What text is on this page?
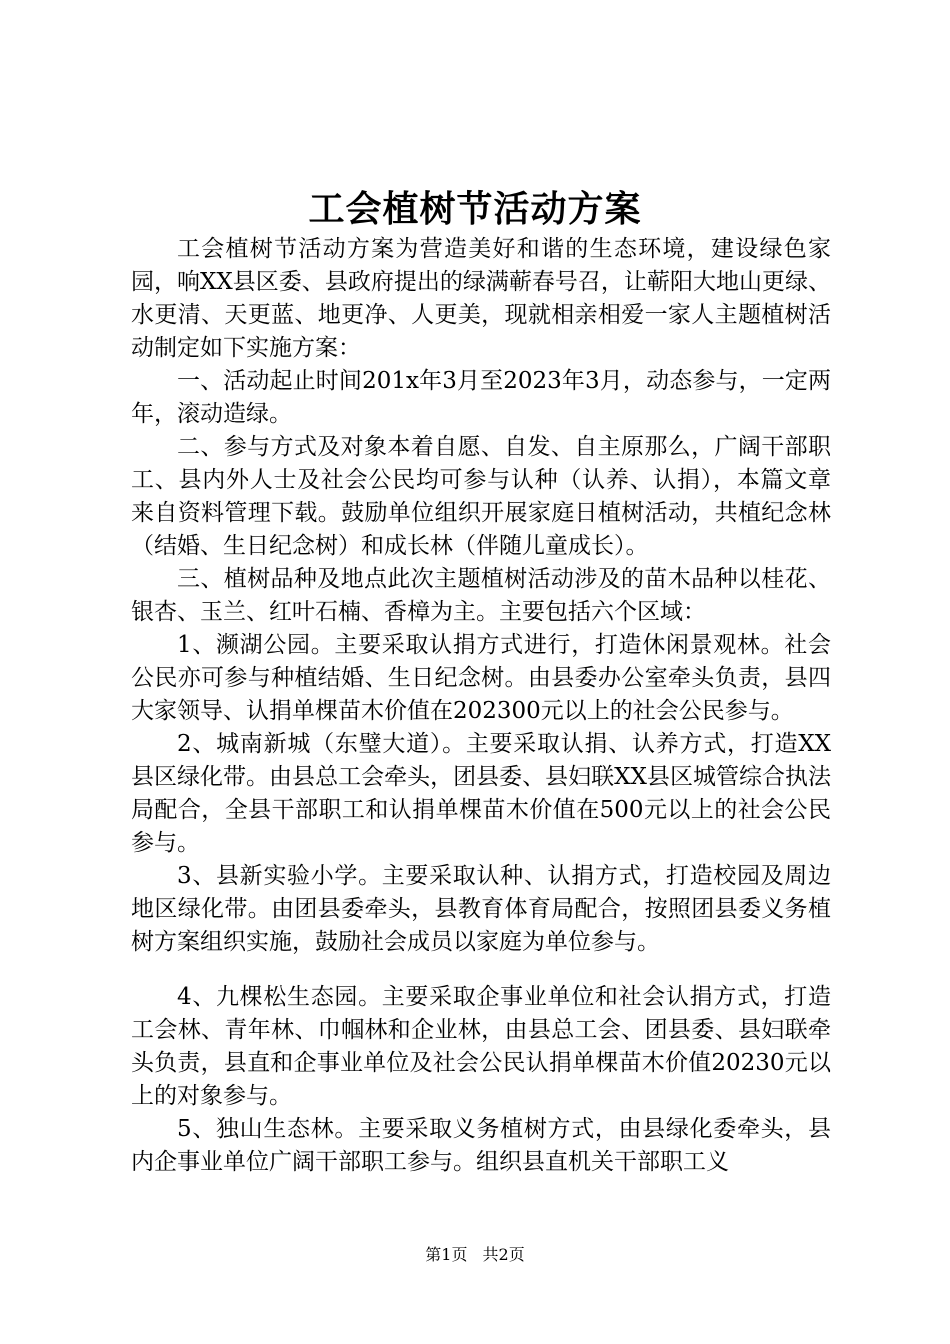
工会植树节活动方案

工会植树节活动方案为营造美好和谐的生态环境，建设绿色家园，响XX县区委、县政府提出的绿满蕲春号召，让蕲阳大地山更绿、水更清、天更蓝、地更净、人更美，现就相亲相爱一家人主题植树活动制定如下实施方案：

一、活动起止时间201x年3月至2023年3月，动态参与，一定两年，滚动造绿。

二、参与方式及对象本着自愿、自发、自主原那么，广阔干部职工、县内外人士及社会公民均可参与认种（认养、认捐），本篇文章来自资料管理下载。鼓励单位组织开展家庭日植树活动，共植纪念林（结婚、生日纪念树）和成长林（伴随儿童成长）。

三、植树品种及地点此次主题植树活动涉及的苗木品种以桂花、银杏、玉兰、红叶石楠、香樟为主。主要包括六个区域：

1、濒湖公园。主要采取认捐方式进行，打造休闲景观林。社会公民亦可参与种植结婚、生日纪念树。由县委办公室牵头负责，县四大家领导、认捐单棵苗木价值在202300元以上的社会公民参与。

2、城南新城（东璧大道）。主要采取认捐、认养方式，打造XX县区绿化带。由县总工会牵头，团县委、县妇联XX县区城管综合执法局配合，全县干部职工和认捐单棵苗木价值在500元以上的社会公民参与。

3、县新实验小学。主要采取认种、认捐方式，打造校园及周边地区绿化带。由团县委牵头，县教育体育局配合，按照团县委义务植树方案组织实施，鼓励社会成员以家庭为单位参与。

4、九棵松生态园。主要采取企事业单位和社会认捐方式，打造工会林、青年林、巾帼林和企业林，由县总工会、团县委、县妇联牵头负责，县直和企事业单位及社会公民认捐单棵苗木价值20230元以上的对象参与。

5、独山生态林。主要采取义务植树方式，由县绿化委牵头，县内企事业单位广阔干部职工参与。组织县直机关干部职工义

第1页 共2页
